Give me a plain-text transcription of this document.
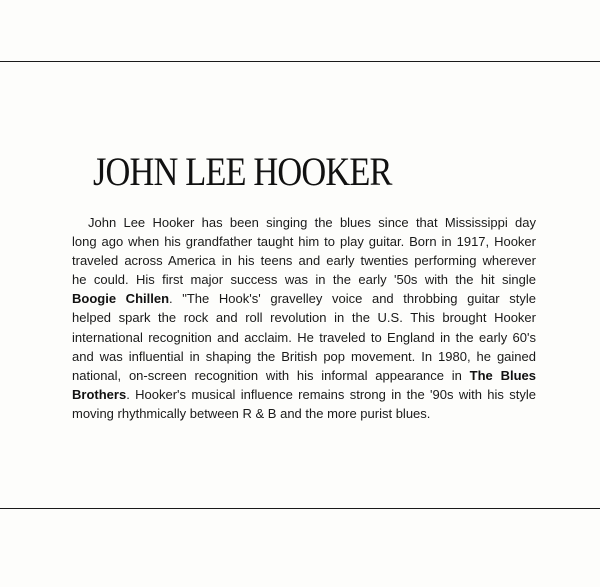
JOHN LEE HOOKER
John Lee Hooker has been singing the blues since that Mississippi day
long ago when his grandfather taught him to play guitar. Born in 1917, Hooker
traveled across America in his teens and early twenties performing wherever
he could. His first major success was in the early '50s with the hit single
Boogie Chillen. "The Hook's' gravelley voice and throbbing guitar style
helped spark the rock and roll revolution in the U.S. This brought Hooker
international recognition and acclaim. He traveled to England in the early 60's
and was influential in shaping the British pop movement. In 1980, he gained
national, on-screen recognition with his informal appearance in The Blues
Brothers. Hooker's musical influence remains strong in the '90s with his style
moving rhythmically between R & B and the more purist blues.
